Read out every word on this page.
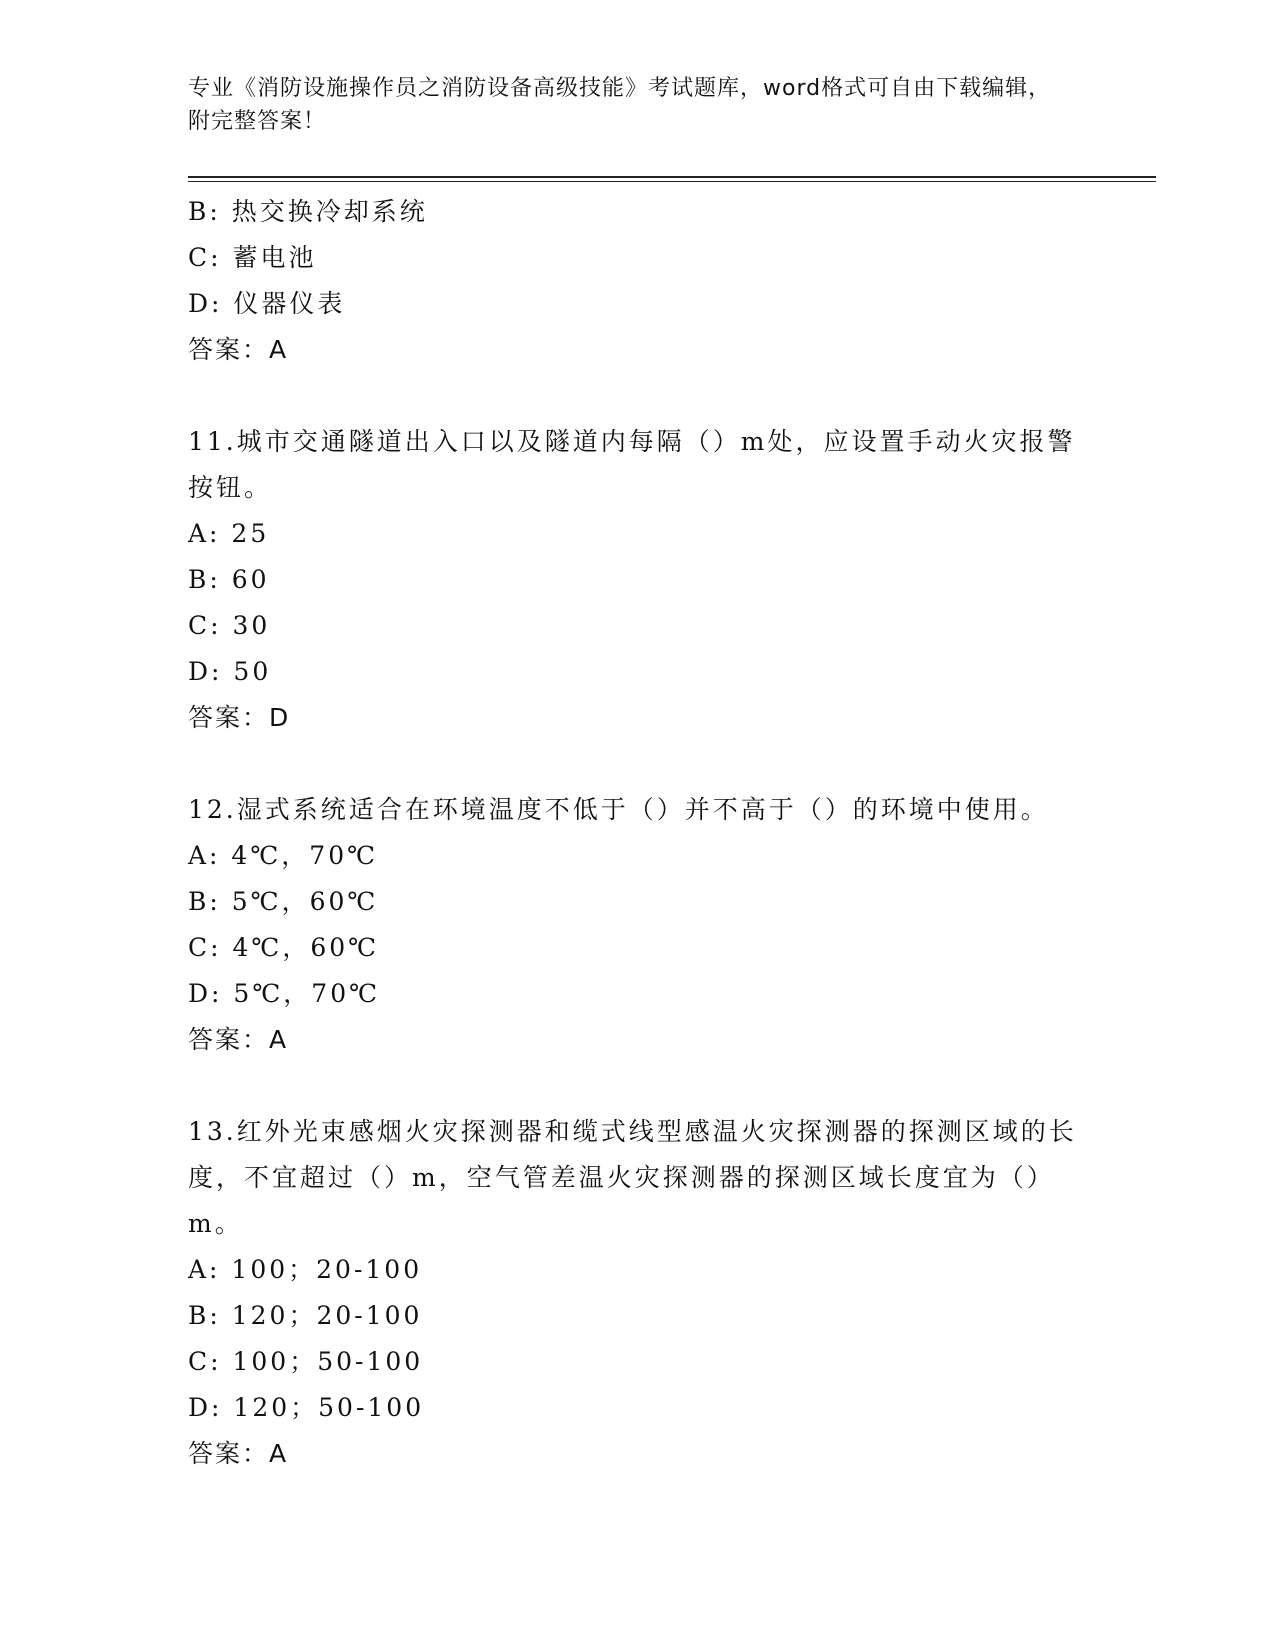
专业《消防设施操作员之消防设备高级技能》考试题库，word格式可自由下载编辑，附完整答案！
B: 热交换冷却系统
C: 蓄电池
D: 仪器仪表
答案：A
11.城市交通隧道出入口以及隧道内每隔（）m处，应设置手动火灾报警按钮。
A: 25
B: 60
C: 30
D: 50
答案：D
12.湿式系统适合在环境温度不低于（）并不高于（）的环境中使用。
A: 4℃，70℃
B: 5℃，60℃
C: 4℃，60℃
D: 5℃，70℃
答案：A
13.红外光束感烟火灾探测器和缆式线型感温火灾探测器的探测区域的长度，不宜超过（）m，空气管差温火灾探测器的探测区域长度宜为（）m。
A: 100；20-100
B: 120；20-100
C: 100；50-100
D: 120；50-100
答案：A
